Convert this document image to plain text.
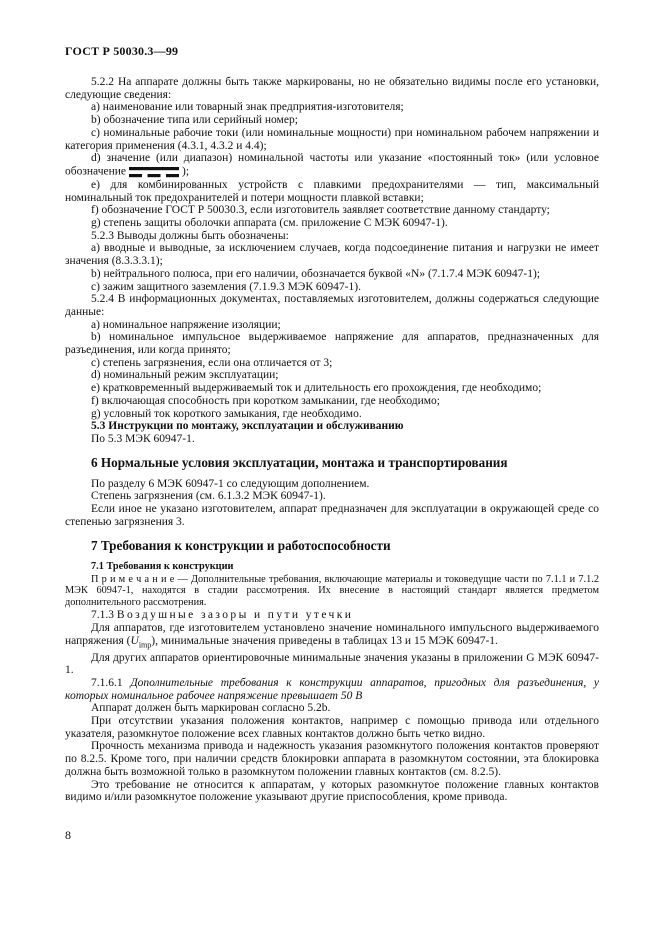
ГОСТ Р 50030.3—99

5.2.2 На аппарате должны быть также маркированы, но не обязательно видимы после его установки, следующие сведения:

a) наименование или товарный знак предприятия-изготовителя;

b) обозначение типа или серийный номер;

c) номинальные рабочие токи (или номинальные мощности) при номинальном рабочем напряжении и категория применения (4.3.1, 4.3.2 и 4.4);

d) значение (или диапазон) номинальной частоты или указание «постоянный ток» (или условное обозначение	);

e) для комбинированных устройств с плавкими предохранителями — тип, максимальный номинальный ток предохранителей и потери мощности плавкой вставки;

f) обозначение ГОСТ Р 50030.3, если изготовитель заявляет соответствие данному стандарту;

g) степень защиты оболочки аппарата (см. приложение С МЭК 60947-1).

5.2.3 Выводы должны быть обозначены:

a) вводные и выводные, за исключением случаев, когда подсоединение питания и нагрузки не имеет значения (8.3.3.3.1);

b) нейтрального полюса, при его наличии, обозначается буквой «N» (7.1.7.4 МЭК 60947-1);

c) зажим защитного заземления (7.1.9.3 МЭК 60947-1).

5.2.4 В информационных документах, поставляемых изготовителем, должны содержаться следующие данные:

a) номинальное напряжение изоляции;

b) номинальное импульсное выдерживаемое напряжение для аппаратов, предназначенных для разъединения, или когда принято;

c) степень загрязнения, если она отличается от 3;

d) номинальный режим эксплуатации;

e) кратковременный выдерживаемый ток и длительность его прохождения, где необходимо;

f) включающая способность при коротком замыкании, где необходимо;

g) условный ток короткого замыкания, где необходимо.

5.3 Инструкции по монтажу, эксплуатации и обслуживанию

По 5.3 МЭК 60947-1.

6 Нормальные условия эксплуатации, монтажа и транспортирования

По разделу 6 МЭК 60947-1 со следующим дополнением.

Степень загрязнения (см. 6.1.3.2 МЭК 60947-1).

Если иное не указано изготовителем, аппарат предназначен для эксплуатации в окружающей среде со степенью загрязнения 3.

7 Требования к конструкции и работоспособности

7.1 Требования к конструкции

П р и м е ч а н и е — Дополнительные требования, включающие материалы и токоведущие части по 7.1.1 и 7.1.2 МЭК 60947-1, находятся в стадии рассмотрения. Их внесение в настоящий стандарт является предметом дополнительного рассмотрения.

7.1.3 Воздушные зазоры и пути утечки

Для аппаратов, где изготовителем установлено значение номинального импульсного выдерживаемого напряжения $(U_{imp})$, минимальные значения приведены в таблицах 13 и 15 МЭК 60947-1.

Для других аппаратов ориентировочные минимальные значения указаны в приложении G МЭК 60947-1.

7.1.6.1 Дополнительные требования к конструкции аппаратов, пригодных для разъединения, у которых номинальное рабочее напряжение превышает 50 В

Аппарат должен быть маркирован согласно 5.2b.

При отсутствии указания положения контактов, например с помощью привода или отдельного указателя, разомкнутое положение всех главных контактов должно быть четко видно.

Прочность механизма привода и надежность указания разомкнутого положения контактов проверяют по 8.2.5. Кроме того, при наличии средств блокировки аппарата в разомкнутом состоянии, эта блокировка должна быть возможной только в разомкнутом положении главных контактов (см. 8.2.5).

Это требование не относится к аппаратам, у которых разомкнутое положение главных контактов видимо и/или разомкнутое положение указывают другие приспособления, кроме привода.

8
